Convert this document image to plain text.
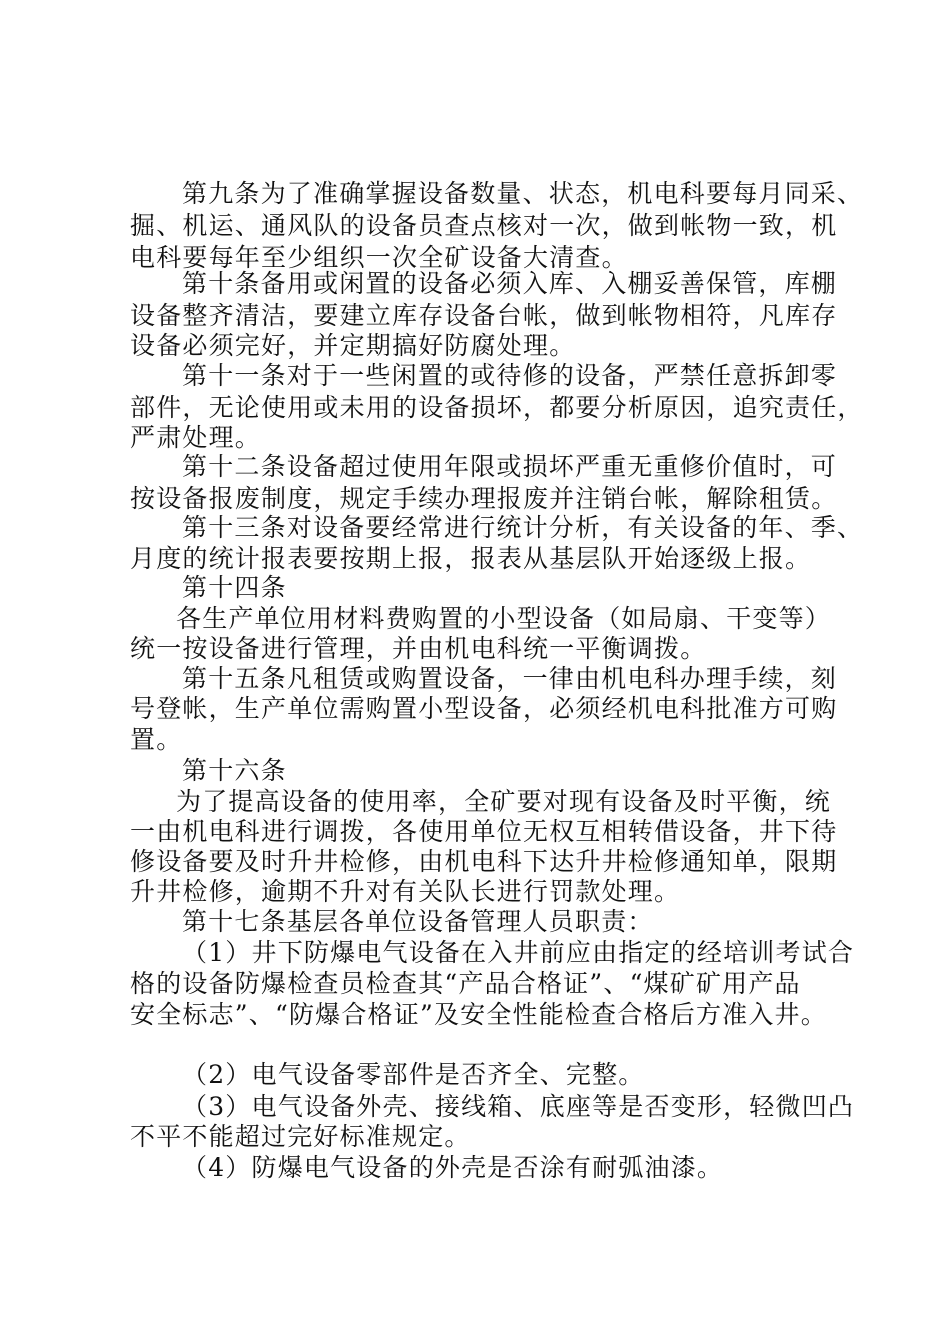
第九条为了准确掌握设备数量、状态，机电科要每月同采、
掘、机运、通风队的设备员查点核对一次，做到帐物一致，机
电科要每年至少组织一次全矿设备大清查。
第十条备用或闲置的设备必须入库、入棚妥善保管，库棚
设备整齐清洁，要建立库存设备台帐，做到帐物相符，凡库存
设备必须完好，并定期搞好防腐处理。
第十一条对于一些闲置的或待修的设备，严禁任意拆卸零
部件，无论使用或未用的设备损坏，都要分析原因，追究责任，
严肃处理。
第十二条设备超过使用年限或损坏严重无重修价值时，可
按设备报废制度，规定手续办理报废并注销台帐，解除租赁。
第十三条对设备要经常进行统计分析，有关设备的年、季、
月度的统计报表要按期上报，报表从基层队开始逐级上报。
第十四条
各生产单位用材料费购置的小型设备（如局扇、干变等）
统一按设备进行管理，并由机电科统一平衡调拨。
第十五条凡租赁或购置设备，一律由机电科办理手续，刻
号登帐，生产单位需购置小型设备，必须经机电科批准方可购
置。
第十六条
为了提高设备的使用率，全矿要对现有设备及时平衡，统
一由机电科进行调拨，各使用单位无权互相转借设备，井下待
修设备要及时升井检修，由机电科下达升井检修通知单，限期
升井检修，逾期不升对有关队长进行罚款处理。
第十七条基层各单位设备管理人员职责：
（1）井下防爆电气设备在入井前应由指定的经培训考试合
格的设备防爆检查员检查其“产品合格证”、“煤矿矿用产品
安全标志”、“防爆合格证”及安全性能检查合格后方准入井。
（2）电气设备零部件是否齐全、完整。
（3）电气设备外壳、接线箱、底座等是否变形，轻微凹凸
不平不能超过完好标准规定。
（4）防爆电气设备的外壳是否涂有耐弧油漆。
